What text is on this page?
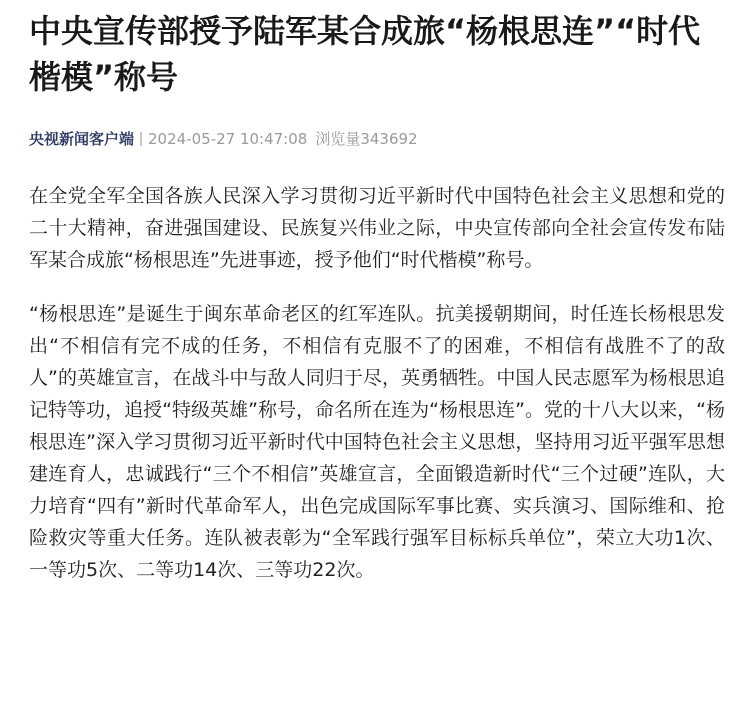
中央宣传部授予陆军某合成旅“杨根思连”“时代楷模”称号
央视新闻客户端 2024-05-27 10:47:08 浏览量343692

在全党全军全国各族人民深入学习贯彻习近平新时代中国特色社会主义思想和党的二十大精神，奋进强国建设、民族复兴伟业之际，中央宣传部向全社会宣传发布陆军某合成旅“杨根思连”先进事迹，授予他们“时代楷模”称号。

“杨根思连”是诞生于闽东革命老区的红军连队。抗美援朝期间，时任连长杨根思发出“不相信有完不成的任务，不相信有克服不了的困难，不相信有战胜不了的敌人”的英雄宣言，在战斗中与敌人同归于尽，英勇牺牲。中国人民志愿军为杨根思追记特等功，追授“特级英雄”称号，命名所在连为“杨根思连”。党的十八大以来，“杨根思连”深入学习贯彻习近平新时代中国特色社会主义思想，坚持用习近平强军思想建连育人，忠诚践行“三个不相信”英雄宣言，全面锻造新时代“三个过硬”连队，大力培育“四有”新时代革命军人，出色完成国际军事比赛、实兵演习、国际维和、抢险救灾等重大任务。连队被表彰为“全军践行强军目标标兵单位”，荣立大功1次、一等功5次、二等功14次、三等功22次。
